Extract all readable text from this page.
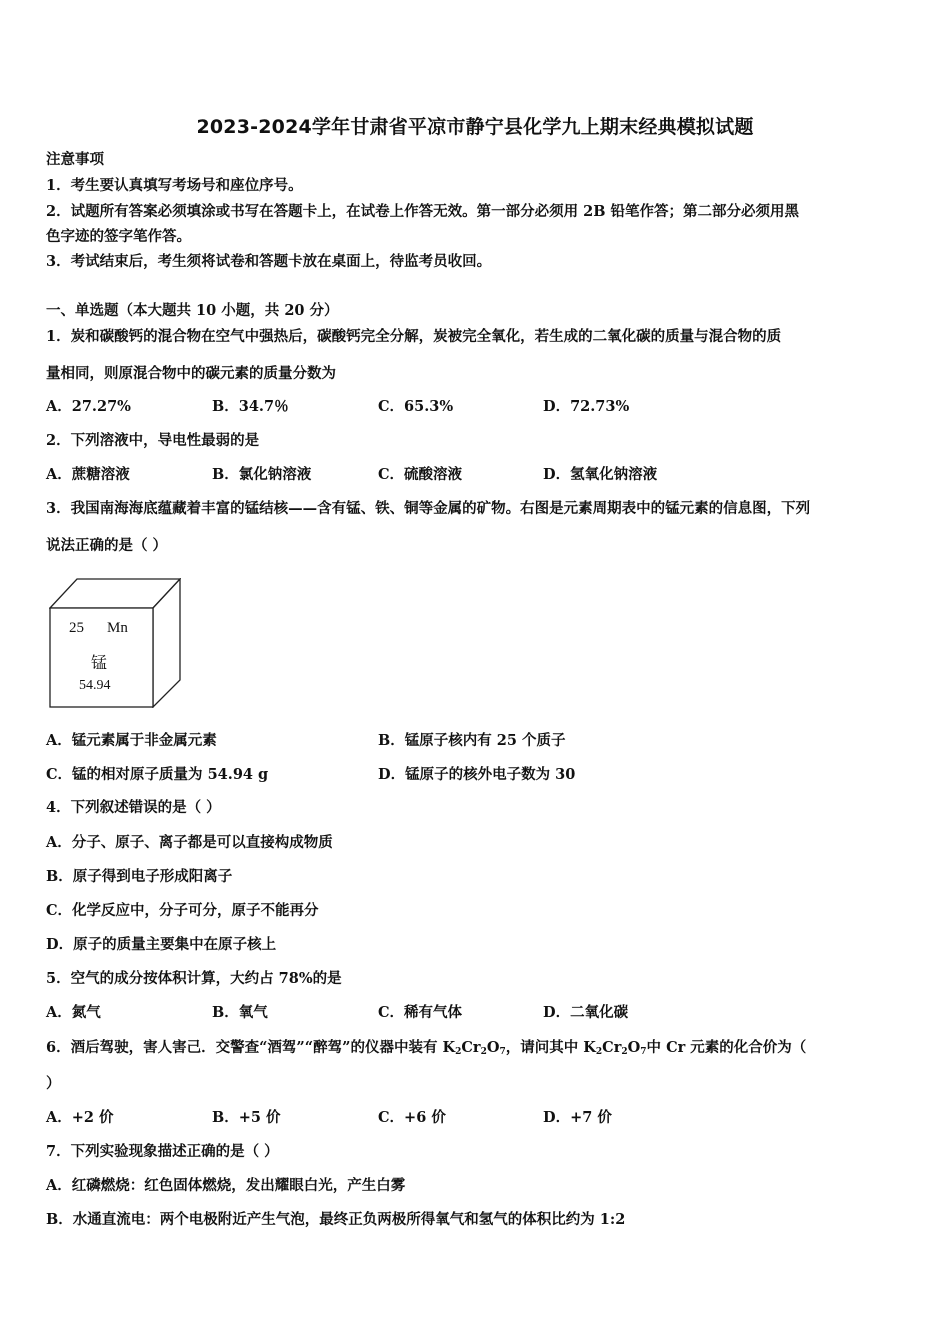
2023-2024学年甘肃省平凉市静宁县化学九上期末经典模拟试题
注意事项
1．考生要认真填写考场号和座位序号。
2．试题所有答案必须填涂或书写在答题卡上，在试卷上作答无效。第一部分必须用 2B 铅笔作答；第二部分必须用黑
色字迹的签字笔作答。
3．考试结束后，考生须将试卷和答题卡放在桌面上，待监考员收回。
一、单选题（本大题共 10 小题，共 20 分）
1．炭和碳酸钙的混合物在空气中强热后，碳酸钙完全分解，炭被完全氧化，若生成的二氧化碳的质量与混合物的质
量相同，则原混合物中的碳元素的质量分数为
A．27.27%	B．34.7％	C．65.3%	D．72.73%
2．下列溶液中，导电性最弱的是
A．蔗糖溶液	B．氯化钠溶液	C．硫酸溶液	D．氢氧化钠溶液
3．我国南海海底蕴藏着丰富的锰结核——含有锰、铁、铜等金属的矿物。右图是元素周期表中的锰元素的信息图，下列
说法正确的是（ ）
25 Mn
锰
54.94
A．锰元素属于非金属元素	B．锰原子核内有 25 个质子
C．锰的相对原子质量为 54.94 g	D．锰原子的核外电子数为 30
4．下列叙述错误的是（ ）
A．分子、原子、离子都是可以直接构成物质
B．原子得到电子形成阳离子
C．化学反应中，分子可分，原子不能再分
D．原子的质量主要集中在原子核上
5．空气的成分按体积计算，大约占 78%的是
A．氮气	B．氧气	C．稀有气体	D．二氧化碳
6．酒后驾驶，害人害己．交警查“酒驾”“醉驾”的仪器中装有 $K_2Cr_2O_7$，请问其中 $K_2Cr_2O_7$中 Cr 元素的化合价为（
）
A．+2 价	B．+5 价	C．+6 价	D．+7 价
7．下列实验现象描述正确的是（ ）
A．红磷燃烧：红色固体燃烧，发出耀眼白光，产生白雾
B．水通直流电：两个电极附近产生气泡，最终正负两极所得氧气和氢气的体积比约为 1:2
